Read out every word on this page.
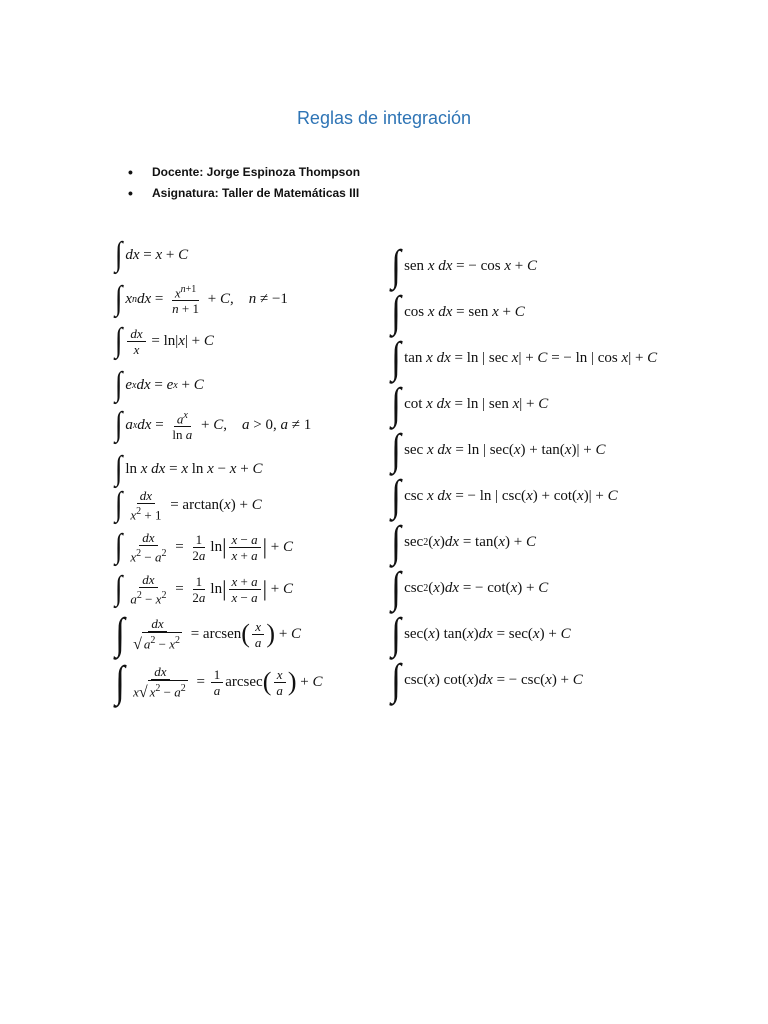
Reglas de integración
• Docente: Jorge Espinoza Thompson
• Asignatura: Taller de Matemáticas III
∫ dx = x + C
∫ x n dx = $\frac{x^{n+1}}{n + 1} + C$ , n ≠ −1
∫ $\frac{dx}{x} = \ln|$ x | + C
∫ e x dx = e x + C
∫ a x dx = $\frac{a^x}{\text{ln a}} + C$ , a > 0, a ≠ 1
∫ ln x
dx = x ln x − x + C
∫ $\frac{dx}{x^2 + 1} = \arctan$( x ) + C
∫ $\frac{dx}{x^2 - a^2} = \frac{1}{2a}$ ln | $\frac{x - a}{x + a}$ | + C
∫ $\frac{dx}{a^2 - x^2} = \frac{1}{2a}$ ln | $\frac{x + a}{x - a}$ | + C
∫ $\frac{dx}{√ a^2 - x^2}$ = arcsen ( $\frac{x}{a}$ ) + C
∫ $\frac{dx}{x √ x^2 - a^2} = \frac{1}{a}$ arcsec ( $\frac{x}{a}$ ) + C
∫ sen x
dx = − cos x + C
∫ cos x
dx = sen x + C
∫ tan x
dx = ln | sec x | + C = − ln | cos x | + C
∫ cot x
dx = ln | sen x | + C
∫ sec x
dx = ln | sec( x ) + tan( x )| + C
∫ csc x
dx = − ln | csc( x ) + cot( x )| + C
∫ sec 2 ( x ) dx = tan( x ) + C
∫ csc 2 ( x ) dx = − cot( x ) + C
∫ sec( x ) tan( x ) dx = sec( x ) + C
∫ csc( x ) cot( x ) dx = − csc( x ) + C
